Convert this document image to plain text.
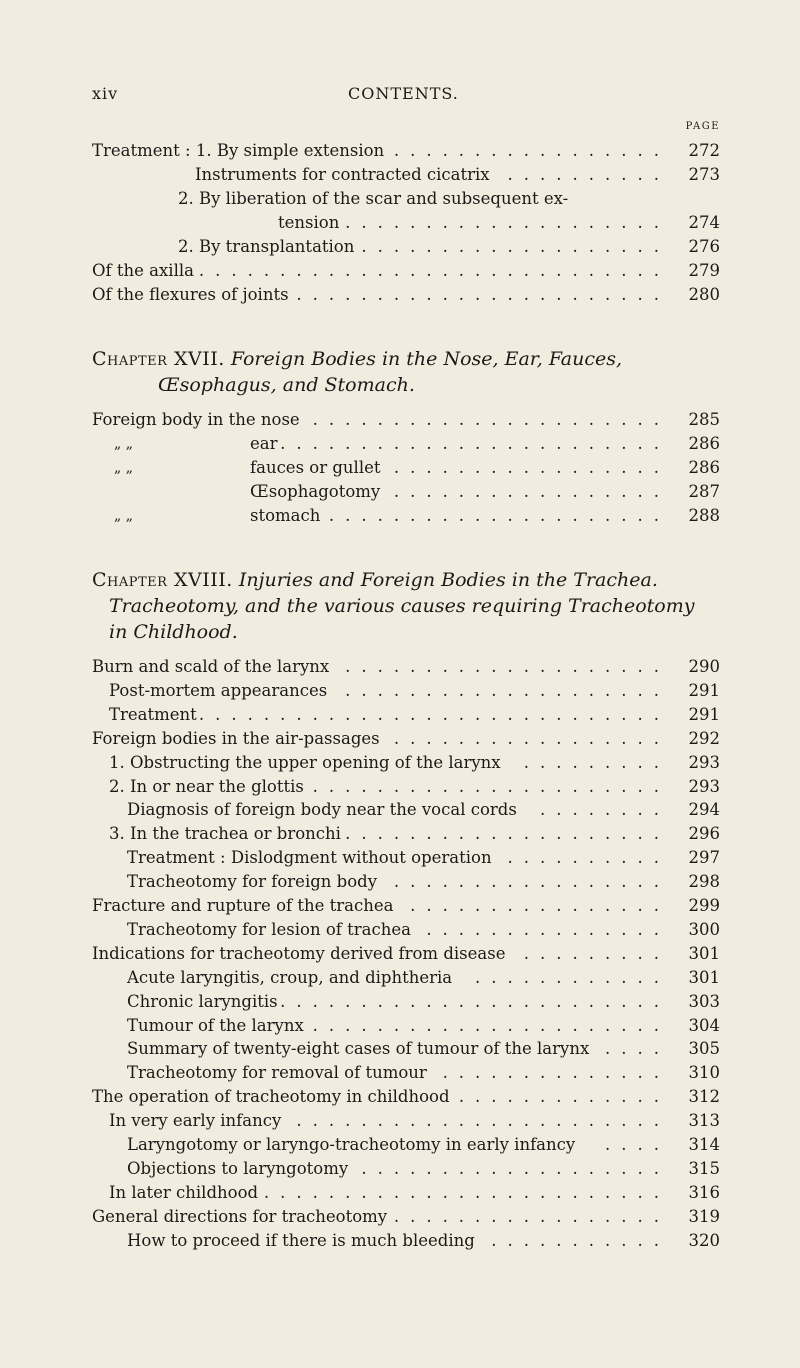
xiv	CONTENTS.
PAGE
Treatment : 1. By simple extension .................	272
Instruments for contracted cicatrix ..........	273
2. By liberation of the scar and subsequent ex-
tension ....................	274
2. By transplantation ...................	276
Of the axilla .............................	279
Of the flexures of joints .......................	280
Chapter XVII. Foreign Bodies in the Nose, Ear, Fauces,
Œsophagus, and Stomach.
Foreign body in the nose ......................	285
„ „	ear ........................	286
„ „	fauces or gullet .................	286
Œsophagotomy .................	287
„ „	stomach .....................	288
Chapter XVIII. Injuries and Foreign Bodies in the Trachea.
Tracheotomy, and the various causes requiring Tracheotomy
in Childhood.
Burn and scald of the larynx ....................	290
Post-mortem appearances ....................	291
Treatment .............................	291
Foreign bodies in the air-passages .................	292
1. Obstructing the upper opening of the larynx .........	293
2. In or near the glottis ......................	293
Diagnosis of foreign body near the vocal cords ........	294
3. In the trachea or bronchi ....................	296
Treatment : Dislodgment without operation ..........	297
Tracheotomy for foreign body .................	298
Fracture and rupture of the trachea ................	299
Tracheotomy for lesion of trachea ...............	300
Indications for tracheotomy derived from disease .........	301
Acute laryngitis, croup, and diphtheria ............	301
Chronic laryngitis ........................	303
Tumour of the larynx ......................	304
Summary of twenty-eight cases of tumour of the larynx ....	305
Tracheotomy for removal of tumour ..............	310
The operation of tracheotomy in childhood .............	312
In very early infancy .......................	313
Laryngotomy or laryngo-tracheotomy in early infancy ....	314
Objections to laryngotomy ...................	315
In later childhood .........................	316
General directions for tracheotomy .................	319
How to proceed if there is much bleeding ...........	320
